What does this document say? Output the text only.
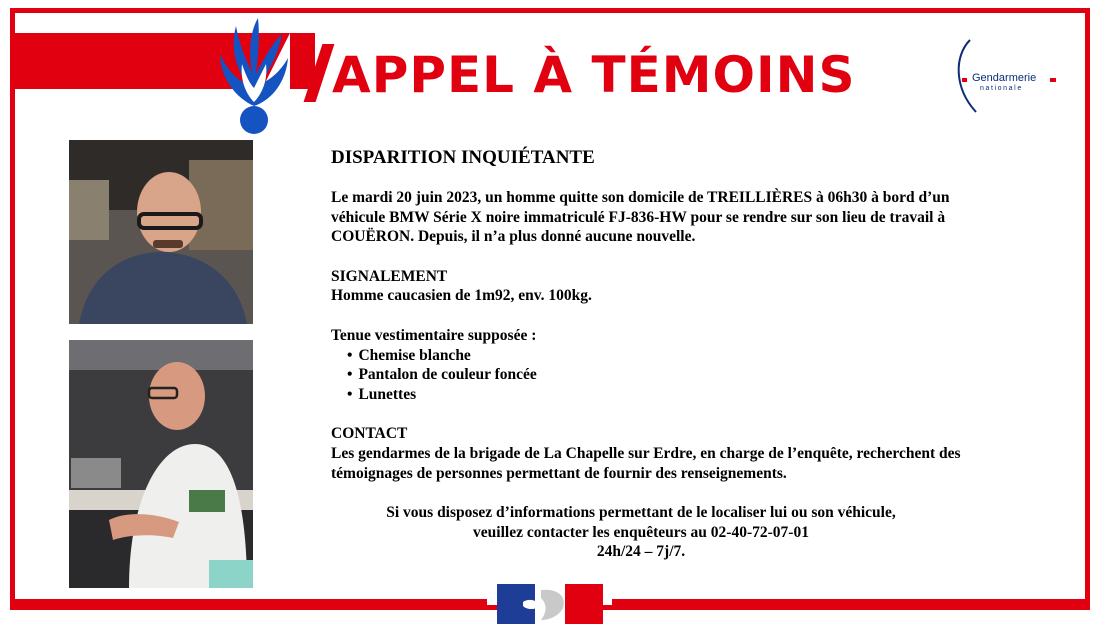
APPEL À TÉMOINS	Gendarmerie
nationale
DISPARITION INQUIÉTANTE

Le mardi 20 juin 2023, un homme quitte son domicile de TREILLIÈRES à 06h30 à bord d’un

véhicule BMW Série X noire immatriculé FJ-836-HW pour se rendre sur son lieu de travail à

COUËRON. Depuis, il n’a plus donné aucune nouvelle.

SIGNALEMENT

Homme caucasien de 1m92, env. 100kg.

Tenue vestimentaire supposée :

• Chemise blanche
• Pantalon de couleur foncée
• Lunettes

CONTACT

Les gendarmes de la brigade de La Chapelle sur Erdre, en charge de l’enquête, recherchent des

témoignages de personnes permettant de fournir des renseignements.

Si vous disposez d’informations permettant de le localiser lui ou son véhicule,

veuillez contacter les enquêteurs au 02-40-72-07-01

24h/24 – 7j/7.
